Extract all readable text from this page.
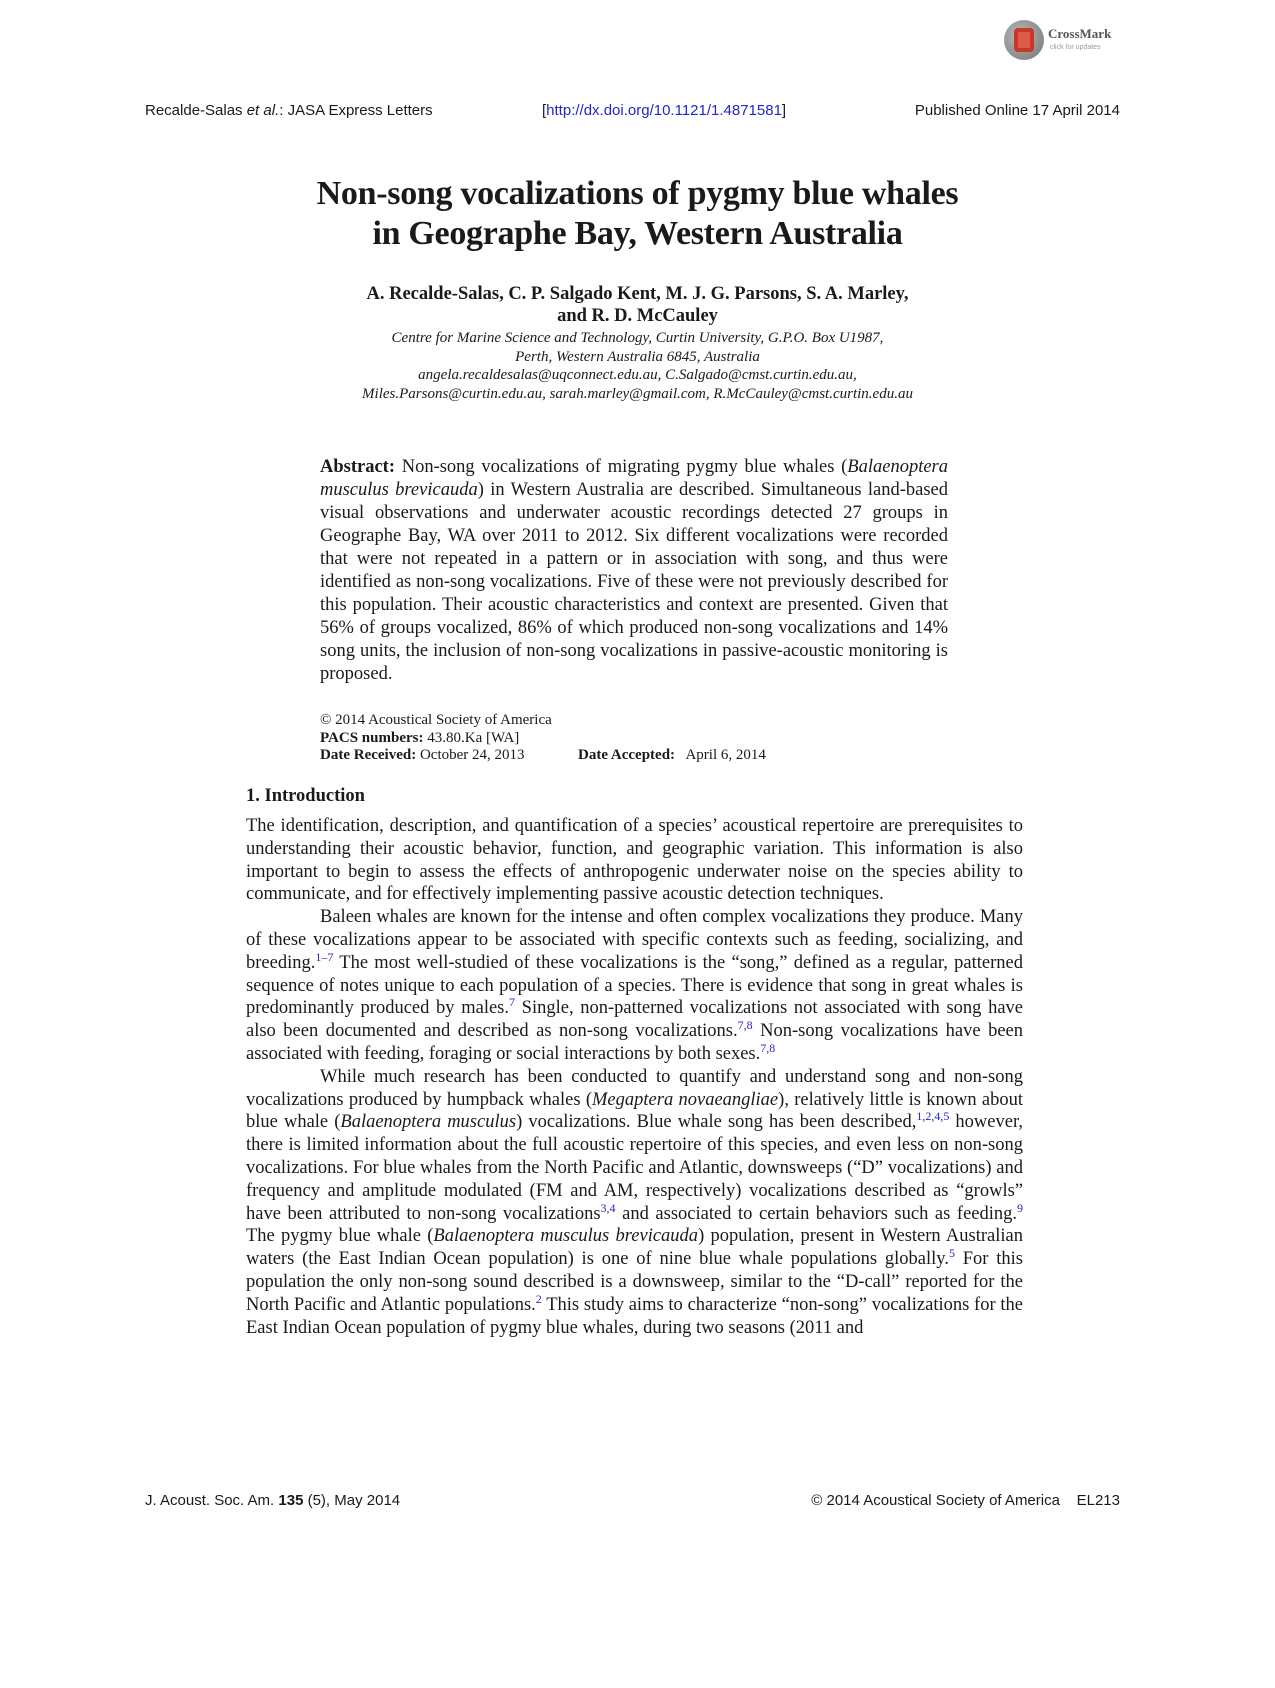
CrossMark
click for updates
Recalde-Salas et al.: JASA Express Letters	[http://dx.doi.org/10.1121/1.4871581]	Published Online 17 April 2014
Non-song vocalizations of pygmy blue whales
in Geographe Bay, Western Australia
A. Recalde-Salas, C. P. Salgado Kent, M. J. G. Parsons, S. A. Marley,
and R. D. McCauley
Centre for Marine Science and Technology, Curtin University, G.P.O. Box U1987,
Perth, Western Australia 6845, Australia
angela.recaldesalas@uqconnect.edu.au, C.Salgado@cmst.curtin.edu.au,
Miles.Parsons@curtin.edu.au, sarah.marley@gmail.com, R.McCauley@cmst.curtin.edu.au
Abstract: Non-song vocalizations of migrating pygmy blue whales (Balaenoptera musculus brevicauda) in Western Australia are described. Simultaneous land-based visual observations and underwater acoustic recordings detected 27 groups in Geographe Bay, WA over 2011 to 2012. Six different vocalizations were recorded that were not repeated in a pattern or in association with song, and thus were identified as non-song vocalizations. Five of these were not previously described for this population. Their acoustic characteristics and context are presented. Given that 56% of groups vocalized, 86% of which produced non-song vocalizations and 14% song units, the inclusion of non-song vocalizations in passive-acoustic monitoring is proposed.
© 2014 Acoustical Society of America
PACS numbers: 43.80.Ka [WA]
Date Received: October 24, 2013	Date Accepted:   April 6, 2014
1. Introduction

The identification, description, and quantification of a species’ acoustical repertoire are prerequisites to understanding their acoustic behavior, function, and geographic variation. This information is also important to begin to assess the effects of anthropogenic underwater noise on the species ability to communicate, and for effectively implementing passive acoustic detection techniques.

Baleen whales are known for the intense and often complex vocalizations they produce. Many of these vocalizations appear to be associated with specific contexts such as feeding, socializing, and breeding.$^{1-7}$ The most well-studied of these vocalizations is the “song,” defined as a regular, patterned sequence of notes unique to each population of a species. There is evidence that song in great whales is predominantly produced by males.$^7$ Single, non-patterned vocalizations not associated with song have also been documented and described as non-song vocalizations.$^{7,8}$ Non-song vocalizations have been associated with feeding, foraging or social interactions by both sexes.$^{7,8}$

While much research has been conducted to quantify and understand song and non-song vocalizations produced by humpback whales (Megaptera novaeangliae), relatively little is known about blue whale (Balaenoptera musculus) vocalizations. Blue whale song has been described,$^{1,2,4,5}$ however, there is limited information about the full acoustic repertoire of this species, and even less on non-song vocalizations. For blue whales from the North Pacific and Atlantic, downsweeps (“D” vocalizations) and frequency and amplitude modulated (FM and AM, respectively) vocalizations described as “growls” have been attributed to non-song vocalizations$^{3,4}$ and associated to certain behaviors such as feeding.$^9$ The pygmy blue whale (Balaenoptera musculus brevicauda) population, present in Western Australian waters (the East Indian Ocean population) is one of nine blue whale populations globally.$^5$ For this population the only non-song sound described is a downsweep, similar to the “D-call” reported for the North Pacific and Atlantic populations.$^2$ This study aims to characterize “non-song” vocalizations for the East Indian Ocean population of pygmy blue whales, during two seasons (2011 and

J. Acoust. Soc. Am. 135 (5), May 2014	© 2014 Acoustical Society of America    EL213
